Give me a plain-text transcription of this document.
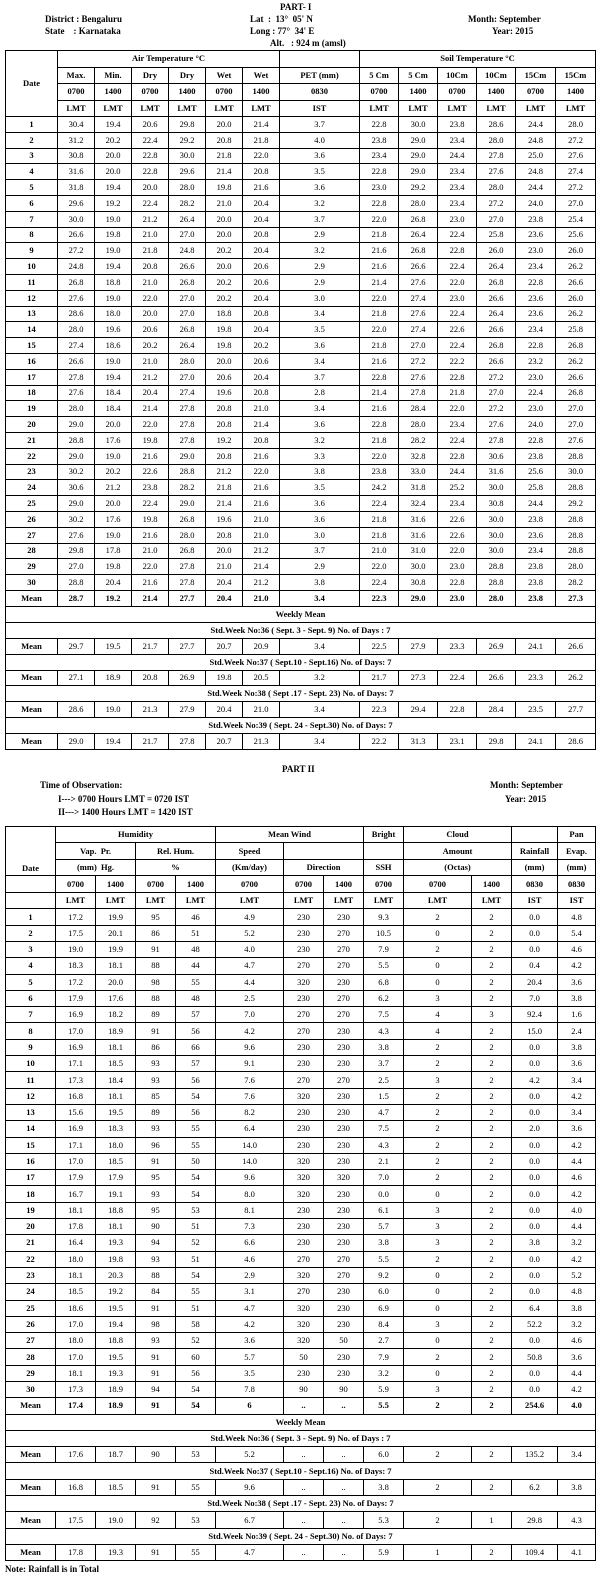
PART- I
District : Bengaluru
State    : Karnataka
Lat  :  13°  05' N
Long : 77°  34' E
Alt.   : 924 m (amsl)
Month: September
Year: 2015
Date	Air Temperature °C							Soil Temperature °C					
	Max.	Min.	Dry	Dry	Wet	Wet	PET (mm)	5 Cm	5 Cm	10Cm	10Cm	15Cm	15Cm
	0700	1400	0700	1400	0700	1400	0830	0700	1400	0700	1400	0700	1400
	LMT	LMT	LMT	LMT	LMT	LMT	IST	LMT	LMT	LMT	LMT	LMT	LMT
1	30.4	19.4	20.6	29.8	20.0	21.4	3.7	22.8	30.0	23.8	28.6	24.4	28.0
2	31.2	20.2	22.4	29.2	20.8	21.8	4.0	23.8	29.0	23.4	28.0	24.8	27.2
3	30.8	20.0	22.8	30.0	21.8	22.0	3.6	23.4	29.0	24.4	27.8	25.0	27.6
4	31.6	20.0	22.8	29.6	21.4	20.8	3.5	22.8	29.0	23.4	27.6	24.8	27.4
5	31.8	19.4	20.0	28.0	19.8	21.6	3.6	23.0	29.2	23.4	28.0	24.4	27.2
6	29.6	19.2	22.4	28.2	21.0	20.4	3.2	22.8	28.0	23.4	27.2	24.0	27.0
7	30.0	19.0	21.2	26.4	20.0	20.4	3.7	22.0	26.8	23.0	27.0	23.8	25.4
8	26.6	19.8	21.0	27.0	20.0	20.8	2.9	21.8	26.4	22.4	25.8	23.6	25.6
9	27.2	19.0	21.8	24.8	20.2	20.4	3.2	21.6	26.8	22.8	26.0	23.0	26.0
10	24.8	19.4	20.8	26.6	20.0	20.6	2.9	21.6	26.6	22.4	26.4	23.4	26.2
11	26.8	18.8	21.0	26.8	20.2	20.6	2.9	21.4	27.6	22.0	26.8	22.8	26.6
12	27.6	19.0	22.0	27.0	20.2	20.4	3.0	22.0	27.4	23.0	26.6	23.6	26.0
13	28.6	18.0	20.0	27.0	18.8	20.8	3.4	21.8	27.6	22.4	26.4	23.6	26.2
14	28.0	19.6	20.6	26.8	19.8	20.4	3.5	22.0	27.4	22.6	26.6	23.4	25.8
15	27.4	18.6	20.2	26.4	19.8	20.2	3.6	21.8	27.0	22.4	26.8	22.8	26.8
16	26.6	19.0	21.0	28.0	20.0	20.6	3.4	21.6	27.2	22.2	26.6	23.2	26.2
17	27.8	19.4	21.2	27.0	20.6	20.4	3.7	22.8	27.6	22.8	27.2	23.0	26.6
18	27.6	18.4	20.4	27.4	19.6	20.8	2.8	21.4	27.8	21.8	27.0	22.4	26.8
19	28.0	18.4	21.4	27.8	20.8	21.0	3.4	21.6	28.4	22.0	27.2	23.0	27.0
20	29.0	20.0	22.0	27.8	20.8	21.4	3.6	22.8	28.0	23.4	27.6	24.0	27.0
21	28.8	17.6	19.8	27.8	19.2	20.8	3.2	21.8	28.2	22.4	27.8	22.8	27.6
22	29.0	19.0	21.6	29.0	20.8	21.6	3.3	22.0	32.8	22.8	30.6	23.8	28.8
23	30.2	20.2	22.6	28.8	21.2	22.0	3.8	23.8	33.0	24.4	31.6	25.6	30.0
24	30.6	21.2	23.8	28.2	21.8	21.6	3.5	24.2	31.8	25.2	30.0	25.8	28.8
25	29.0	20.0	22.4	29.0	21.4	21.6	3.6	22.4	32.4	23.4	30.8	24.4	29.2
26	30.2	17.6	19.8	26.8	19.6	21.0	3.6	21.8	31.6	22.6	30.0	23.8	28.8
27	27.6	19.0	21.6	28.0	20.8	21.0	3.0	21.8	31.6	22.6	30.0	23.6	28.8
28	29.8	17.8	21.0	26.8	20.0	21.2	3.7	21.0	31.0	22.0	30.0	23.4	28.8
29	27.0	19.8	22.0	27.8	21.0	21.4	2.9	22.0	30.0	23.0	28.8	23.8	28.0
30	28.8	20.4	21.6	27.8	20.4	21.2	3.8	22.4	30.8	22.8	28.8	23.8	28.2
Mean	28.7	19.2	21.4	27.7	20.4	21.0	3.4	22.3	29.0	23.0	28.0	23.8	27.3
Weekly Mean													
Std.Week No:36 ( Sept. 3 - Sept. 9) No. of Days : 7													
Mean	29.7	19.5	21.7	27.7	20.7	20.9	3.4	22.5	27.9	23.3	26.9	24.1	26.6
Std.Week No:37 ( Sept.10 - Sept.16) No. of Days: 7													
Mean	27.1	18.9	20.8	26.9	19.8	20.5	3.2	21.7	27.3	22.4	26.6	23.3	26.2
Std.Week No:38 ( Sept .17 - Sept. 23) No. of Days: 7													
Mean	28.6	19.0	21.3	27.9	20.4	21.0	3.4	22.3	29.4	22.8	28.4	23.5	27.7
Std.Week No:39 ( Sept. 24 - Sept.30) No. of Days: 7													
Mean	29.0	19.4	21.7	27.8	20.7	21.3	3.4	22.2	31.3	23.1	29.8	24.1	28.6
PART II
Time of Observation:
I---> 0700 Hours LMT = 0720 IST
II---> 1400 Hours LMT = 1420 IST
Month: September
Year: 2015
Date	Humidity				Mean Wind			Bright	Cloud			Pan
	Vap.  Pr.		Rel. Hum.		Speed				Amount		Rainfall	Evap.
	(mm)  Hg.		%		(Km/day)	Direction		SSH	(Octas)		(mm)	(mm)
	0700	1400	0700	1400	0700	0700	1400	0700	0700	1400	0830	0830
	LMT	LMT	LMT	LMT	LMT	LMT	LMT	LMT	LMT	LMT	IST	IST
1	17.2	19.9	95	46	4.9	230	230	9.3	2	2	0.0	4.8
2	17.5	20.1	86	51	5.2	230	270	10.5	0	2	0.0	5.4
3	19.0	19.9	91	48	4.0	230	270	7.9	2	2	0.0	4.6
4	18.3	18.1	88	44	4.7	270	270	5.5	0	2	0.4	4.2
5	17.2	20.0	98	55	4.4	320	230	6.8	0	2	20.4	3.6
6	17.9	17.6	88	48	2.5	230	270	6.2	3	2	7.0	3.8
7	16.9	18.2	89	57	7.0	270	270	7.5	4	3	92.4	1.6
8	17.0	18.9	91	56	4.2	270	230	4.3	4	2	15.0	2.4
9	16.9	18.1	86	66	9.6	230	230	3.8	2	2	0.0	3.8
10	17.1	18.5	93	57	9.1	230	230	3.7	2	2	0.0	3.6
11	17.3	18.4	93	56	7.6	270	270	2.5	3	2	4.2	3.4
12	16.8	18.1	85	54	7.6	320	230	1.5	2	2	0.0	4.2
13	15.6	19.5	89	56	8.2	230	230	4.7	2	2	0.0	3.4
14	16.9	18.3	93	55	6.4	230	230	7.5	2	2	2.0	3.6
15	17.1	18.0	96	55	14.0	230	230	4.3	2	2	0.0	4.2
16	17.0	18.5	91	50	14.0	320	230	2.1	2	2	0.0	4.4
17	17.9	17.9	95	54	9.6	320	320	7.0	2	2	0.0	4.6
18	16.7	19.1	93	54	8.0	320	230	0.0	0	2	0.0	4.2
19	18.1	18.8	95	53	8.1	230	230	6.1	3	2	0.0	4.0
20	17.8	18.1	90	51	7.3	230	230	5.7	3	2	0.0	4.4
21	16.4	19.3	94	52	6.6	230	230	3.8	3	2	3.8	3.2
22	18.0	19.8	93	51	4.6	270	270	5.5	2	2	0.0	4.2
23	18.1	20.3	88	54	2.9	320	270	9.2	0	2	0.0	5.2
24	18.5	19.2	84	55	3.1	270	230	6.0	0	2	0.0	4.8
25	18.6	19.5	91	51	4.7	320	230	6.9	0	2	6.4	3.8
26	17.0	19.4	98	58	4.2	320	230	8.4	3	2	52.2	3.2
27	18.0	18.8	93	52	3.6	320	50	2.7	0	2	0.0	4.6
28	17.0	19.5	91	60	5.7	50	230	7.9	2	2	50.8	3.6
29	18.1	19.3	91	56	3.5	230	230	3.2	0	2	0.0	4.4
30	17.3	18.9	94	54	7.8	90	90	5.9	3	2	0.0	4.2
Mean	17.4	18.9	91	54	6	..	..	5.5	2	2	254.6	4.0
Weekly Mean												
Std.Week No:36 ( Sept. 3 - Sept. 9) No. of Days : 7												
Mean	17.6	18.7	90	53	5.2	..	..	6.0	2	2	135.2	3.4
Std.Week No:37 ( Sept.10 - Sept.16) No. of Days: 7												
Mean	16.8	18.5	91	55	9.6	..	..	3.8	2	2	6.2	3.8
Std.Week No:38 ( Sept .17 - Sept. 23) No. of Days: 7												
Mean	17.5	19.0	92	53	6.7	..	..	5.3	2	1	29.8	4.3
Std.Week No:39 ( Sept. 24 - Sept.30) No. of Days: 7												
Mean	17.8	19.3	91	55	4.7	..	..	5.9	1	2	109.4	4.1
Note: Rainfall is in Total
